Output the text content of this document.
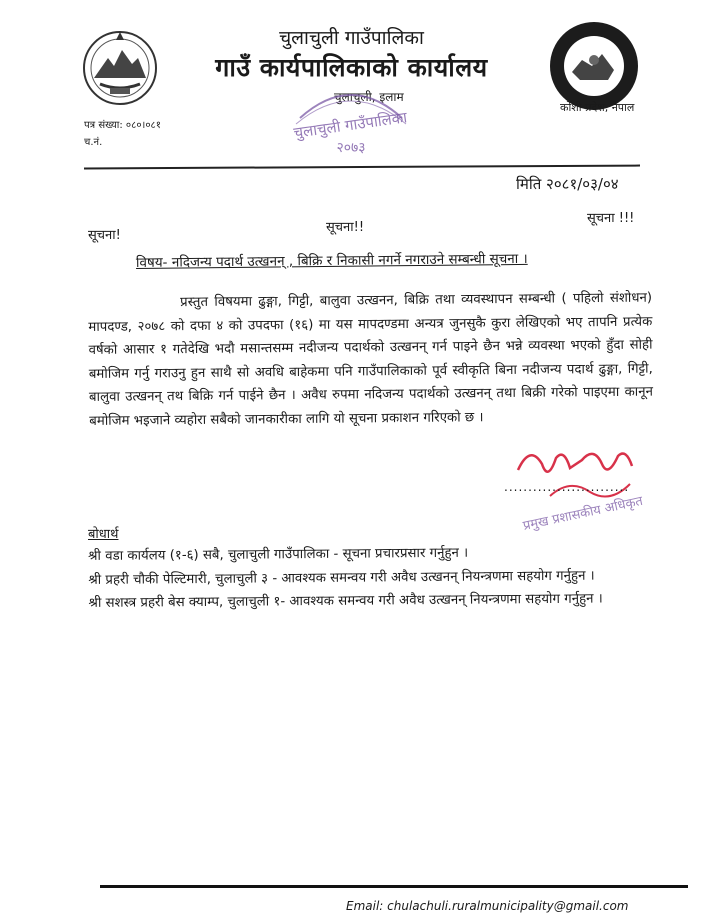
चुलाचुली गाउँपालिका
गाउँ कार्यपालिकाको कार्यालय
चुलाचुली, इलाम
कोशी प्रदेश, नेपाल
पत्र संख्या: ०८०।०८१
च.नं.
चुलाचुली गाउँपालिका
२०७३
मिति २०८१/०३/०४
सूचना!
सूचना!!
सूचना !!!
विषय- नदिजन्य पदार्थ उत्खनन् , बिक्रि र निकासी नगर्ने नगराउने सम्बन्धी सूचना ।
प्रस्तुत विषयमा ढुङ्गा, गिट्टी, बालुवा उत्खनन, बिक्रि तथा व्यवस्थापन सम्बन्धी ( पहिलो संशोधन) मापदण्ड, २०७८ को दफा ४ को उपदफा (१६) मा यस मापदण्डमा अन्यत्र जुनसुकै कुरा लेखिएको भए तापनि प्रत्येक वर्षको आसार १ गतेदेखि भदौ मसान्तसम्म नदीजन्य पदार्थको उत्खनन् गर्न पाइने छैन भन्ने व्यवस्था भएको हुँदा सोही बमोजिम गर्नु गराउनु हुन साथै सो अवधि बाहेकमा पनि गाउँपालिकाको पूर्व स्वीकृति बिना नदीजन्य पदार्थ ढुङ्गा, गिट्टी, बालुवा उत्खनन् तथ बिक्रि गर्न पाईने छैन । अवैध रुपमा नदिजन्य पदार्थको उत्खनन् तथा बिक्री गरेको पाइएमा कानून बमोजिम भइजाने व्यहोरा सबैको जानकारीका लागि यो सूचना प्रकाशन गरिएको छ ।
प्रमुख प्रशासकीय अधिकृत
..........................
बोधार्थ
श्री वडा कार्यलय (१-६) सबै, चुलाचुली गाउँपालिका - सूचना प्रचारप्रसार गर्नुहुन ।
श्री प्रहरी चौकी पेल्टिमारी, चुलाचुली ३ - आवश्यक समन्वय गरी अवैध उत्खनन् नियन्त्रणमा सहयोग गर्नुहुन ।
श्री सशस्त्र प्रहरी बेस क्याम्प, चुलाचुली १- आवश्यक समन्वय गरी अवैध उत्खनन् नियन्त्रणमा सहयोग गर्नुहुन ।
Email: chulachuli.ruralmunicipality@gmail.com
